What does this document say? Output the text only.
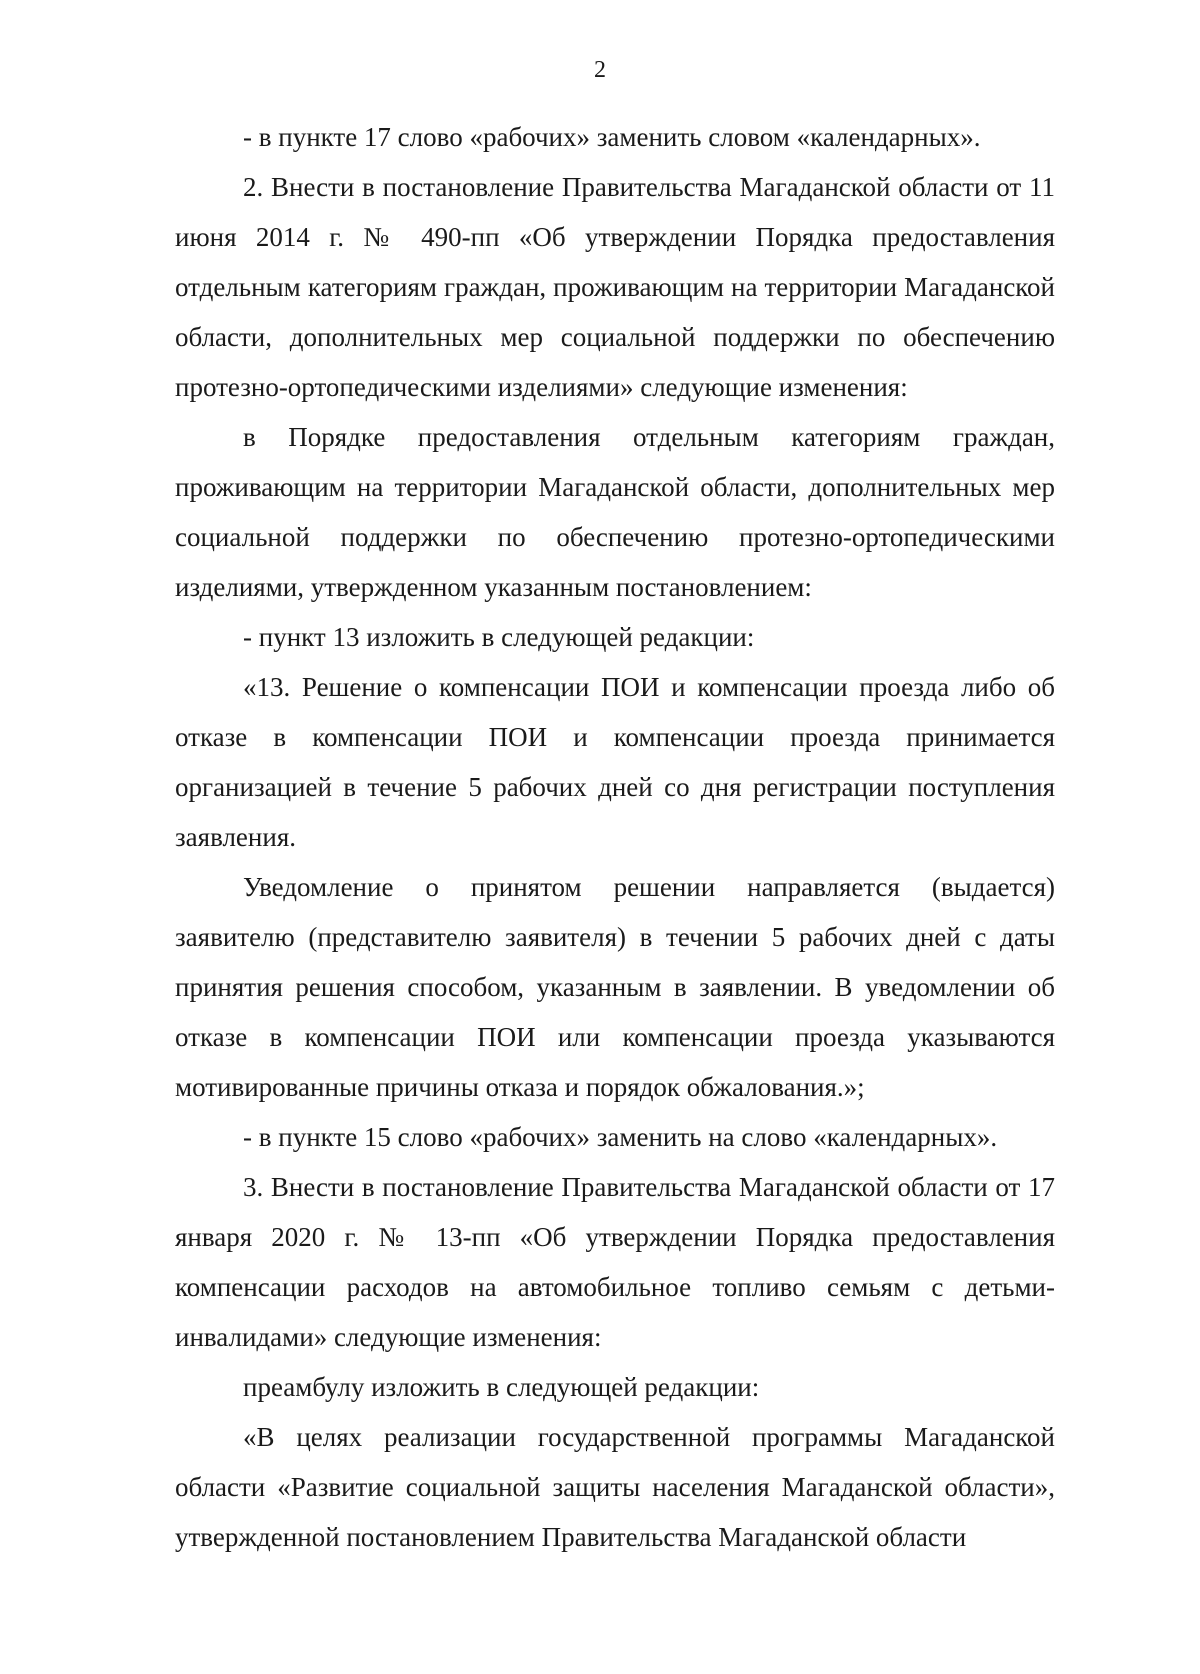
2

- в пункте 17 слово «рабочих» заменить словом «календарных».

2. Внести в постановление Правительства Магаданской области от 11 июня 2014 г. № 490-пп «Об утверждении Порядка предоставления отдельным категориям граждан, проживающим на территории Магаданской области, дополнительных мер социальной поддержки по обеспечению протезно-ортопедическими изделиями» следующие изменения:

в Порядке предоставления отдельным категориям граждан, проживающим на территории Магаданской области, дополнительных мер социальной поддержки по обеспечению протезно-ортопедическими изделиями, утвержденном указанным постановлением:

- пункт 13 изложить в следующей редакции:

«13. Решение о компенсации ПОИ и компенсации проезда либо об отказе в компенсации ПОИ и компенсации проезда принимается организацией в течение 5 рабочих дней со дня регистрации поступления заявления.

Уведомление о принятом решении направляется (выдается) заявителю (представителю заявителя) в течении 5 рабочих дней с даты принятия решения способом, указанным в заявлении. В уведомлении об отказе в компенсации ПОИ или компенсации проезда указываются мотивированные причины отказа и порядок обжалования.»;

- в пункте 15 слово «рабочих» заменить на слово «календарных».

3. Внести в постановление Правительства Магаданской области от 17 января 2020 г. № 13-пп «Об утверждении Порядка предоставления компенсации расходов на автомобильное топливо семьям с детьми-инвалидами» следующие изменения:

преамбулу изложить в следующей редакции:

«В целях реализации государственной программы Магаданской области «Развитие социальной защиты населения Магаданской области», утвержденной постановлением Правительства Магаданской области
